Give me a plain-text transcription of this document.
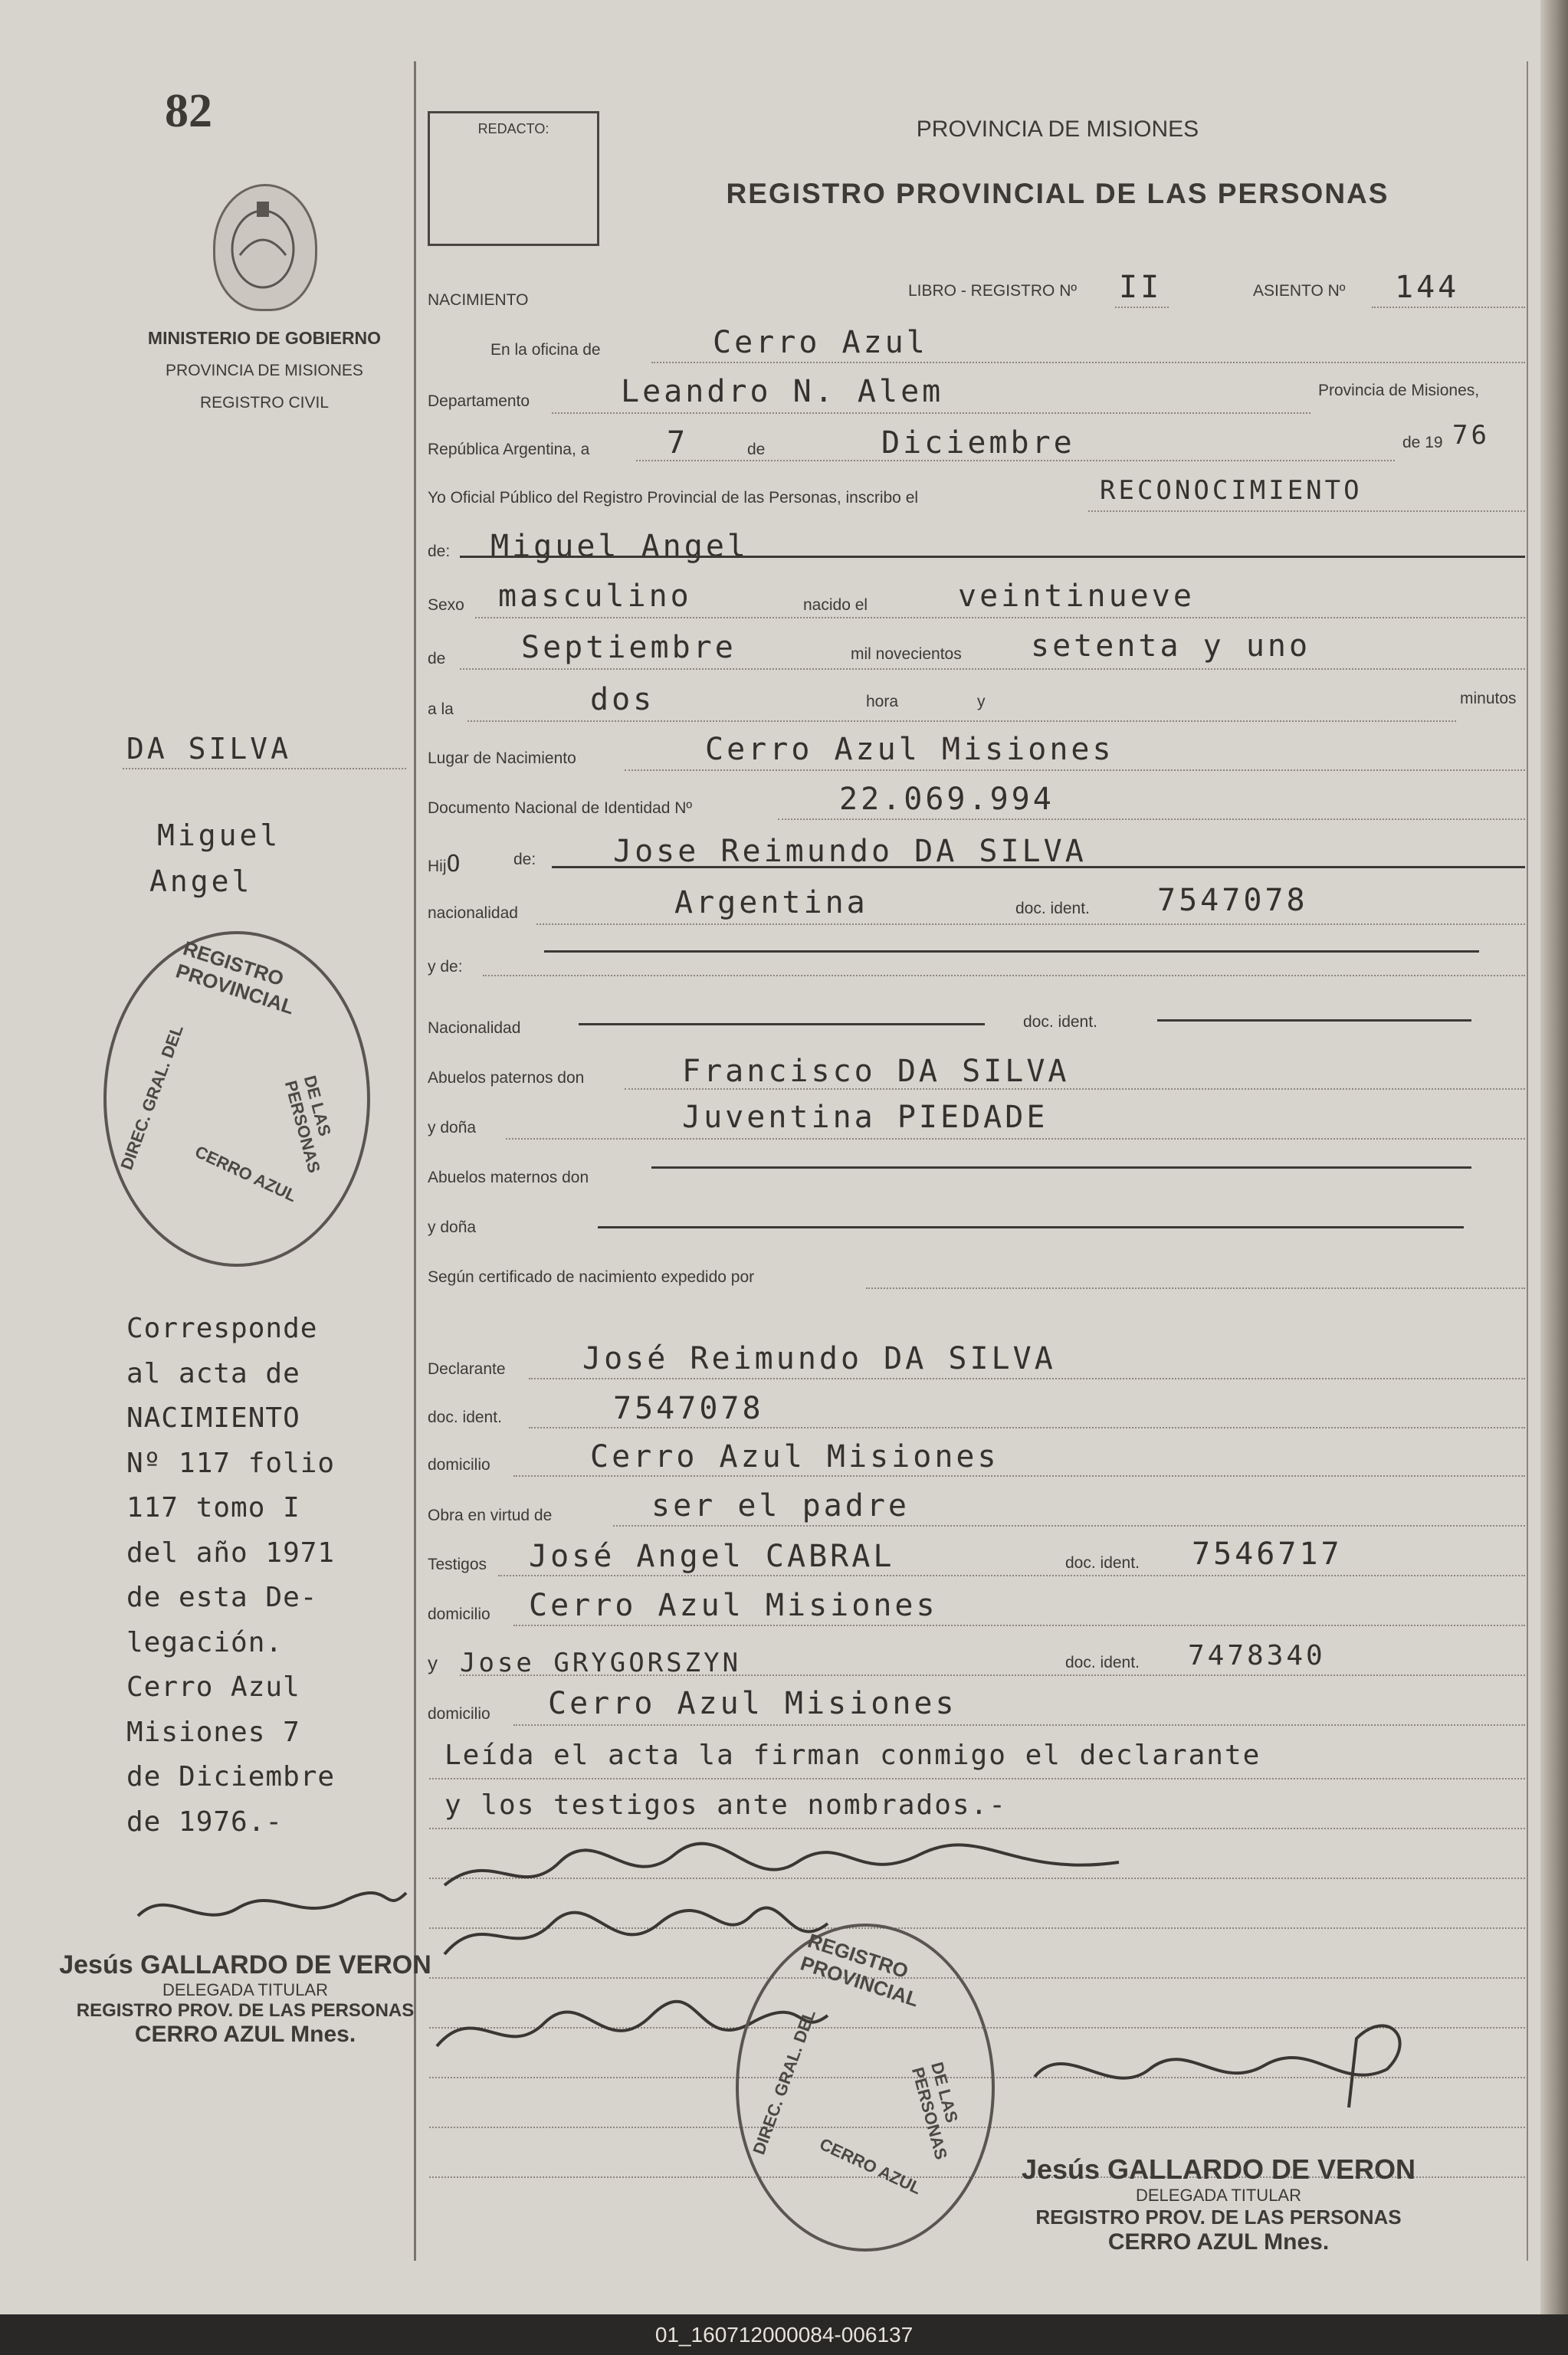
82	REDACTO:
MINISTERIO DE GOBIERNO
PROVINCIA DE MISIONES
REGISTRO CIVIL
PROVINCIA DE MISIONES
REGISTRO PROVINCIAL DE LAS PERSONAS
NACIMIENTO
LIBRO - REGISTRO Nº II	ASIENTO Nº 144
En la oficina de	Cerro Azul
Departamento	Leandro N. Alem	Provincia de Misiones,
República Argentina, a	7	de	Diciembre	de 19 76
Yo Oficial Público del Registro Provincial de las Personas, inscribo el	RECONOCIMIENTO
de: Miguel Angel
Sexo masculino	nacido el	veintinueve
de Septiembre	mil novecientos setenta y uno
a la	dos	hora	y	minutos
Lugar de Nacimiento	Cerro Azul Misiones
Documento Nacional de Identidad Nº	22.069.994
HijO	de:	Jose Reimundo DA SILVA
nacionalidad	Argentina	doc. ident. 7547078
y de:
Nacionalidad	doc. ident.
Abuelos paternos don	Francisco DA SILVA
y doña	Juventina PIEDADE
Abuelos maternos don
y doña
Según certificado de nacimiento expedido por
Declarante	José Reimundo DA SILVA
doc. ident.	7547078
domicilio	Cerro Azul Misiones
Obra en virtud de	ser el padre
Testigos José Angel CABRAL	doc. ident. 7546717
domicilio Cerro Azul Misiones
y Jose GRYGORSZYN	doc. ident. 7478340
domicilio Cerro Azul Misiones
Leída el acta la firman conmigo el declarante
y los testigos ante nombrados.-
DA SILVA
Miguel
Angel
Corresponde
al acta de
NACIMIENTO
Nº 117 folio
117 tomo I
del año 1971
de esta De-
legación.
Cerro Azul
Misiones 7
de Diciembre
de 1976.-
REGISTRO PROVINCIAL
DIREC. GRAL. DEL	DE LAS PERSONAS
CERRO AZUL
REGISTRO PROVINCIAL
DIREC. GRAL. DEL	DE LAS PERSONAS
CERRO AZUL
Jesús GALLARDO DE VERON
DELEGADA TITULAR
REGISTRO PROV. DE LAS PERSONAS
CERRO AZUL Mnes.
Jesús GALLARDO DE VERON
DELEGADA TITULAR
REGISTRO PROV. DE LAS PERSONAS
CERRO AZUL Mnes.
01_160712000084-006137
